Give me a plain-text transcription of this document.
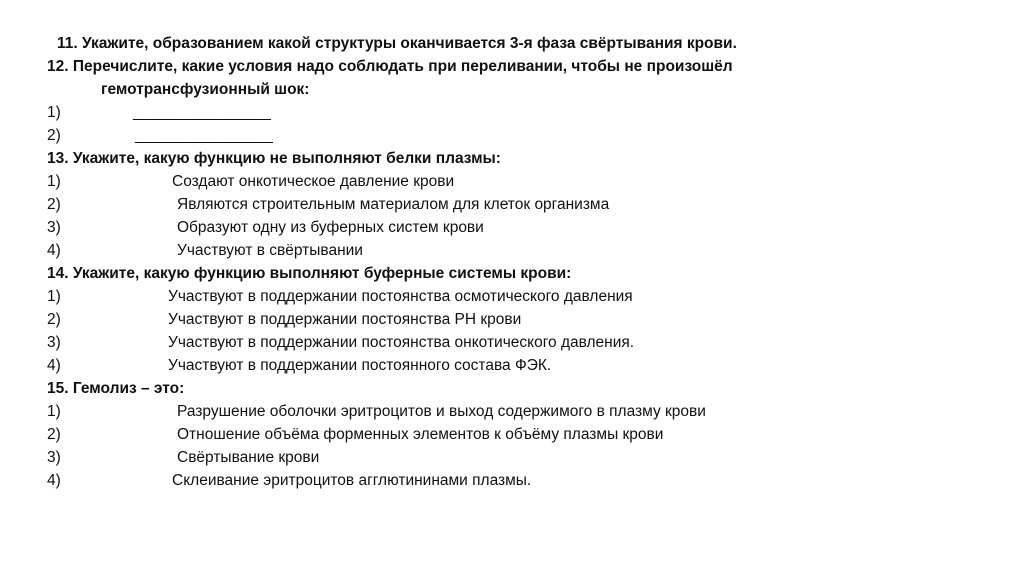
11. Укажите, образованием какой структуры оканчивается 3-я фаза свёртывания крови.
12. Перечислите, какие условия надо соблюдать при переливании, чтобы не произошёл
гемотрансфузионный шок:
1)	________________
2)	________________
13. Укажите, какую функцию не выполняют белки плазмы:
1)	Создают онкотическое давление крови
2)	Являются строительным материалом для клеток организма
3)	Образуют одну из буферных систем крови
4)	Участвуют в свёртывании
14. Укажите, какую функцию выполняют буферные системы крови:
1)	Участвуют в поддержании постоянства осмотического давления
2)	Участвуют в поддержании постоянства РН крови
3)	Участвуют в поддержании постоянства онкотического давления.
4)	Участвуют в поддержании постоянного состава ФЭК.
15. Гемолиз – это:
1)	Разрушение оболочки эритроцитов и выход содержимого в плазму крови
2)	Отношение объёма форменных элементов к объёму плазмы крови
3)	Свёртывание крови
4)	Склеивание эритроцитов агглютининами плазмы.
